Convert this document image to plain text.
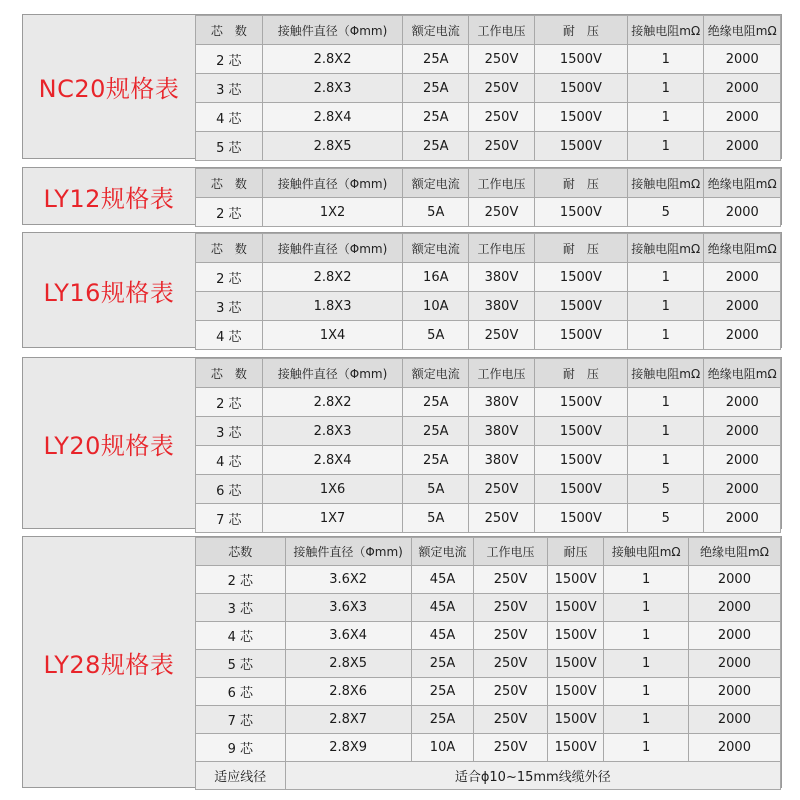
NC20规格表
芯　数	接触件直径（Φmm)	额定电流	工作电压	耐　压	接触电阻mΩ	绝缘电阻mΩ
2 芯	2.8X2	25A	250V	1500V	1	2000
3 芯	2.8X3	25A	250V	1500V	1	2000
4 芯	2.8X4	25A	250V	1500V	1	2000
5 芯	2.8X5	25A	250V	1500V	1	2000
LY12规格表
芯　数	接触件直径（Φmm)	额定电流	工作电压	耐　压	接触电阻mΩ	绝缘电阻mΩ
2 芯	1X2	5A	250V	1500V	5	2000
LY16规格表
芯　数	接触件直径（Φmm)	额定电流	工作电压	耐　压	接触电阻mΩ	绝缘电阻mΩ
2 芯	2.8X2	16A	380V	1500V	1	2000
3 芯	1.8X3	10A	380V	1500V	1	2000
4 芯	1X4	5A	250V	1500V	1	2000
LY20规格表
芯　数	接触件直径（Φmm)	额定电流	工作电压	耐　压	接触电阻mΩ	绝缘电阻mΩ
2 芯	2.8X2	25A	380V	1500V	1	2000
3 芯	2.8X3	25A	380V	1500V	1	2000
4 芯	2.8X4	25A	380V	1500V	1	2000
6 芯	1X6	5A	250V	1500V	5	2000
7 芯	1X7	5A	250V	1500V	5	2000
LY28规格表
芯数	接触件直径（Φmm)	额定电流	工作电压	耐压	接触电阻mΩ	绝缘电阻mΩ
2 芯	3.6X2	45A	250V	1500V	1	2000
3 芯	3.6X3	45A	250V	1500V	1	2000
4 芯	3.6X4	45A	250V	1500V	1	2000
5 芯	2.8X5	25A	250V	1500V	1	2000
6 芯	2.8X6	25A	250V	1500V	1	2000
7 芯	2.8X7	25A	250V	1500V	1	2000
9 芯	2.8X9	10A	250V	1500V	1	2000
适应线径	适合ϕ10~15mm线缆外径					
